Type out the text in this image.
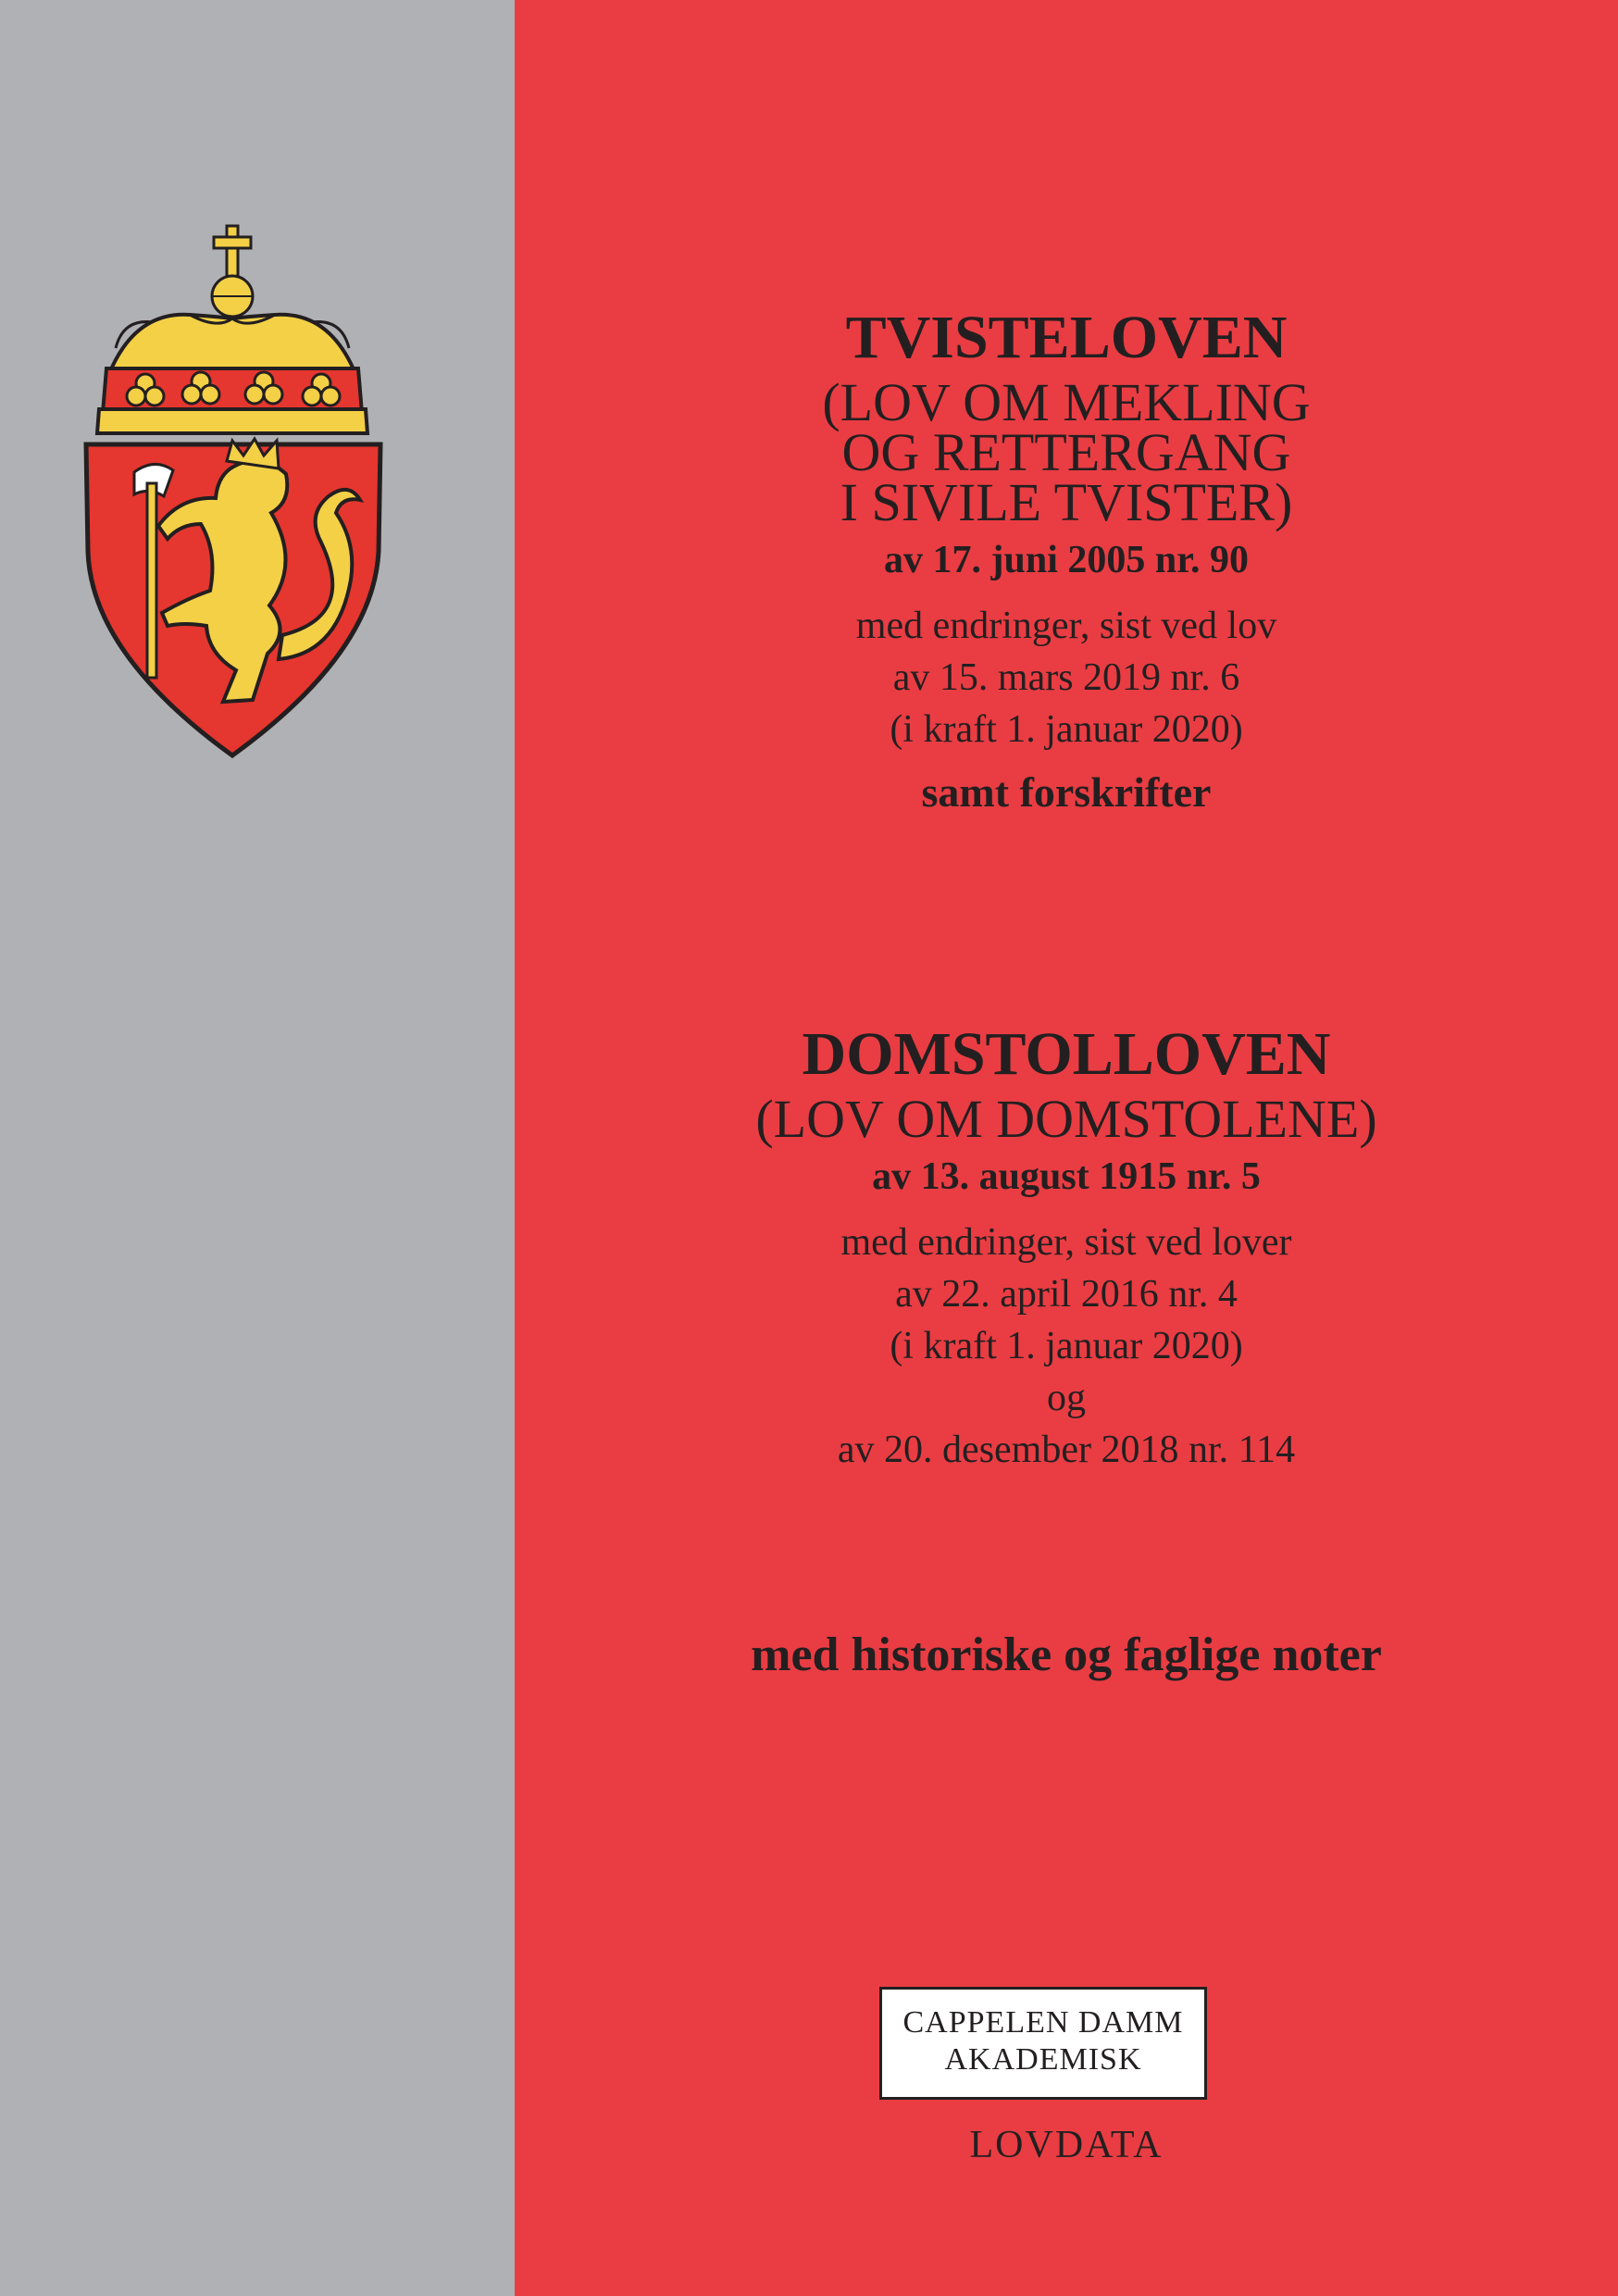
TVISTELOVEN
(LOV OM MEKLING
OG RETTERGANG
I SIVILE TVISTER)
av 17. juni 2005 nr. 90
med endringer, sist ved lov
av 15. mars 2019 nr. 6
(i kraft 1. januar 2020)
samt forskrifter
DOMSTOLLOVEN
(LOV OM DOMSTOLENE)
av 13. august 1915 nr. 5
med endringer, sist ved lover
av 22. april 2016 nr. 4
(i kraft 1. januar 2020)
og
av 20. desember 2018 nr. 114
med historiske og faglige noter
CAPPELEN DAMM
AKADEMISK
LOVDATA
